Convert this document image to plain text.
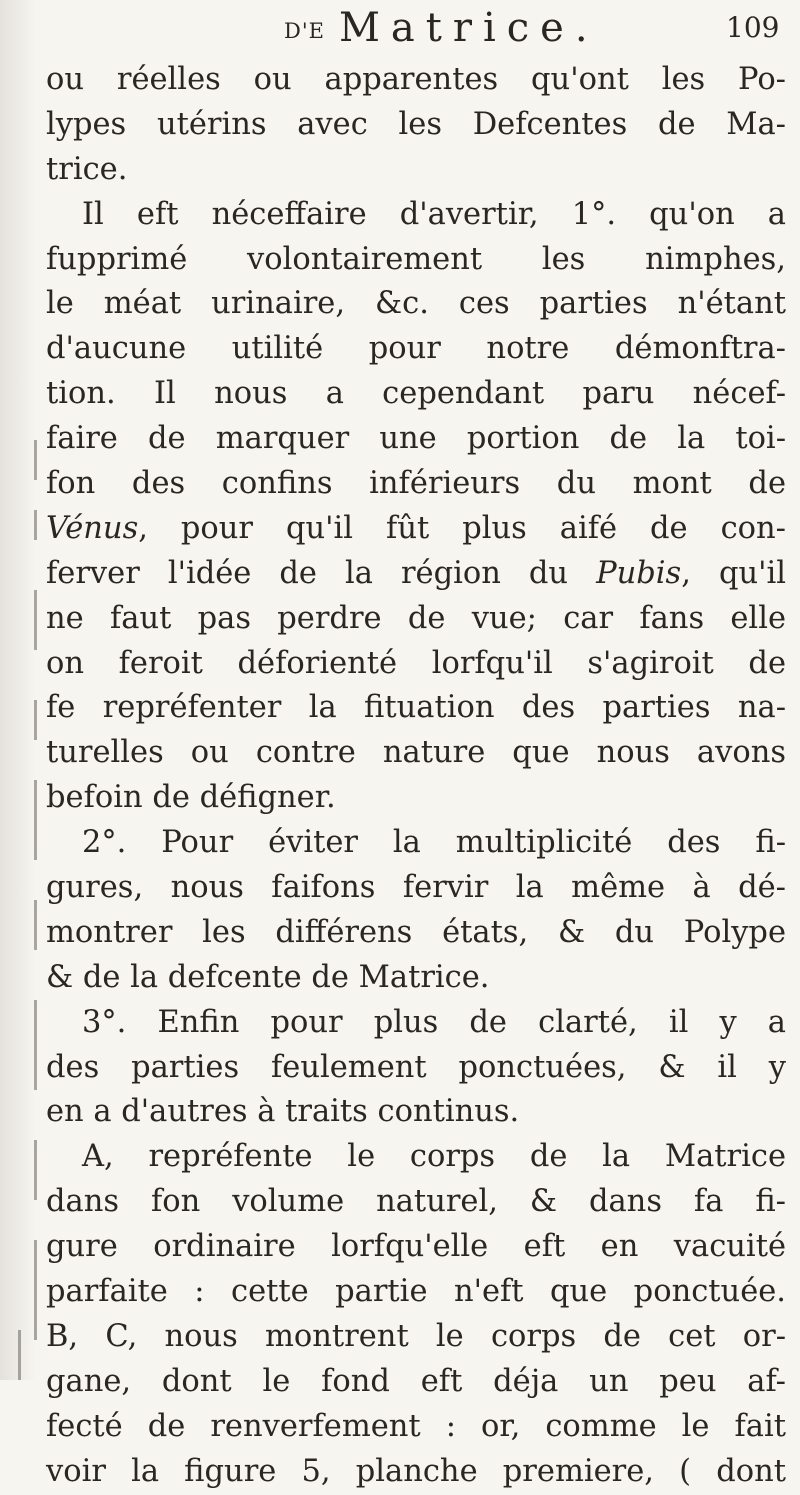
D'E Matrice.	109
ou réelles ou apparentes qu'ont les Po-
lypes utérins avec les Defcentes de Ma-
trice.
Il eft néceffaire d'avertir, 1°. qu'on a
fupprimé volontairement les nimphes,
le méat urinaire, &c. ces parties n'étant
d'aucune utilité pour notre démonftra-
tion. Il nous a cependant paru nécef-
faire de marquer une portion de la toi-
fon des confins inférieurs du mont de
Vénus, pour qu'il fût plus aifé de con-
ferver l'idée de la région du Pubis, qu'il
ne faut pas perdre de vue; car fans elle
on feroit déforienté lorfqu'il s'agiroit de
fe repréfenter la fituation des parties na-
turelles ou contre nature que nous avons
befoin de défigner.
2°. Pour éviter la multiplicité des fi-
gures, nous faifons fervir la même à dé-
montrer les différens états, & du Polype
& de la defcente de Matrice.
3°. Enfin pour plus de clarté, il y a
des parties feulement ponctuées, & il y
en a d'autres à traits continus.
A, repréfente le corps de la Matrice
dans fon volume naturel, & dans fa fi-
gure ordinaire lorfqu'elle eft en vacuité
parfaite : cette partie n'eft que ponctuée.
B, C, nous montrent le corps de cet or-
gane, dont le fond eft déja un peu af-
fecté de renverfement : or, comme le fait
voir la figure 5, planche premiere, ( dont
